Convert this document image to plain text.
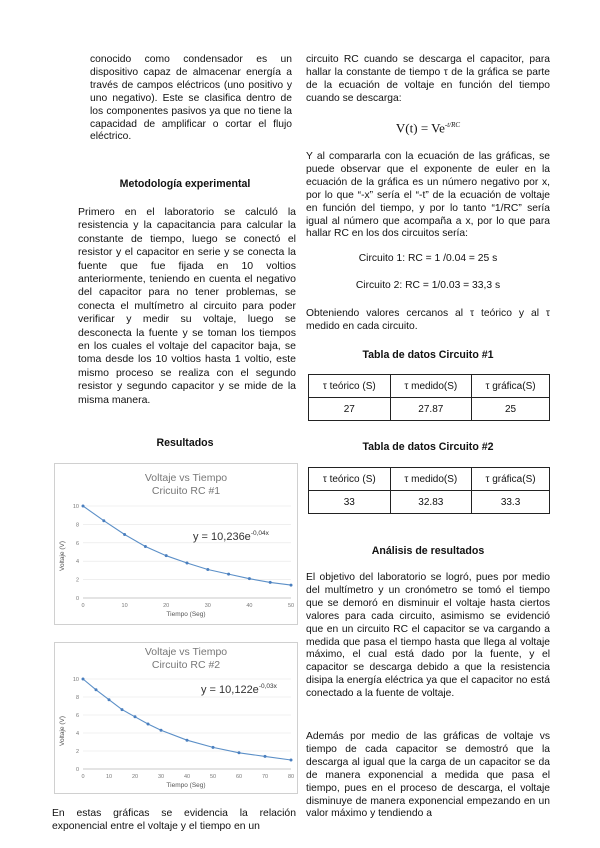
conocido como condensador es un dispositivo capaz de almacenar energía a través de campos eléctricos (uno positivo y uno negativo). Este se clasifica dentro de los componentes pasivos ya que no tiene la capacidad de amplificar o cortar el flujo eléctrico.

Metodología experimental

Primero en el laboratorio se calculó la resistencia y la capacitancia para calcular la constante de tiempo, luego se conectó el resistor y el capacitor en serie y se conecta la fuente que fue fijada en 10 voltios anteriormente, teniendo en cuenta el negativo del capacitor para no tener problemas, se conecta el multímetro al circuito para poder verificar y medir su voltaje, luego se desconecta la fuente y se toman los tiempos en los cuales el voltaje del capacitor baja, se toma desde los 10 voltios hasta 1 voltio, este mismo proceso se realiza con el segundo resistor y segundo capacitor y se mide de la misma manera.

Resultados

Voltaje vs Tiempo
Cricuito RC #1
$y = 10,236e^{-0,04x}$
Tiempo (Seg)
Voltaje (V)
0
2
4
6
8
10
0	10	20	30	40	50
Voltaje vs Tiempo
Circuito RC #2
$y = 10,122e^{-0,03x}$
Tiempo (Seg)
Voltaje (V)
0
2
4
6
8
10
0	10	20	30	40	50	60	70	80

En estas gráficas se evidencia la relación exponencial entre el voltaje y el tiempo en un

circuito RC cuando se descarga el capacitor, para hallar la constante de tiempo τ de la gráfica se parte de la ecuación de voltaje en función del tiempo cuando se descarga:

$V(t) = Ve^{-t/RC}$

Y al compararla con la ecuación de las gráficas, se puede observar que el exponente de euler en la ecuación de la gráfica es un número negativo por x, por lo que “-x” sería el “-t” de la ecuación de voltaje en función del tiempo, y por lo tanto “1/RC” sería igual al número que acompaña a x, por lo que para hallar RC en los dos circuitos sería:

Circuito 1: RC = 1 /0.04 = 25 s

Circuito 2: RC = 1/0.03 = 33,3 s

Obteniendo valores cercanos al τ teórico y al τ medido en cada circuito.

Tabla de datos Circuito #1

τ teórico (S)	τ medido(S)	τ gráfica(S)
27	27.87	25

Tabla de datos Circuito #2

τ teórico (S)	τ medido(S)	τ gráfica(S)
33	32.83	33.3

Análisis de resultados

El objetivo del laboratorio se logró, pues por medio del multímetro y un cronómetro se tomó el tiempo que se demoró en disminuir el voltaje hasta ciertos valores para cada circuito, asimismo se evidenció que en un circuito RC el capacitor se va cargando a medida que pasa el tiempo hasta que llega al voltaje máximo, el cual está dado por la fuente, y el capacitor se descarga debido a que la resistencia disipa la energía eléctrica ya que el capacitor no está conectado a la fuente de voltaje.

Además por medio de las gráficas de voltaje vs tiempo de cada capacitor se demostró que la descarga al igual que la carga de un capacitor se da de manera exponencial a medida que pasa el tiempo, pues en el proceso de descarga, el voltaje disminuye de manera exponencial empezando en un valor máximo y tendiendo a
